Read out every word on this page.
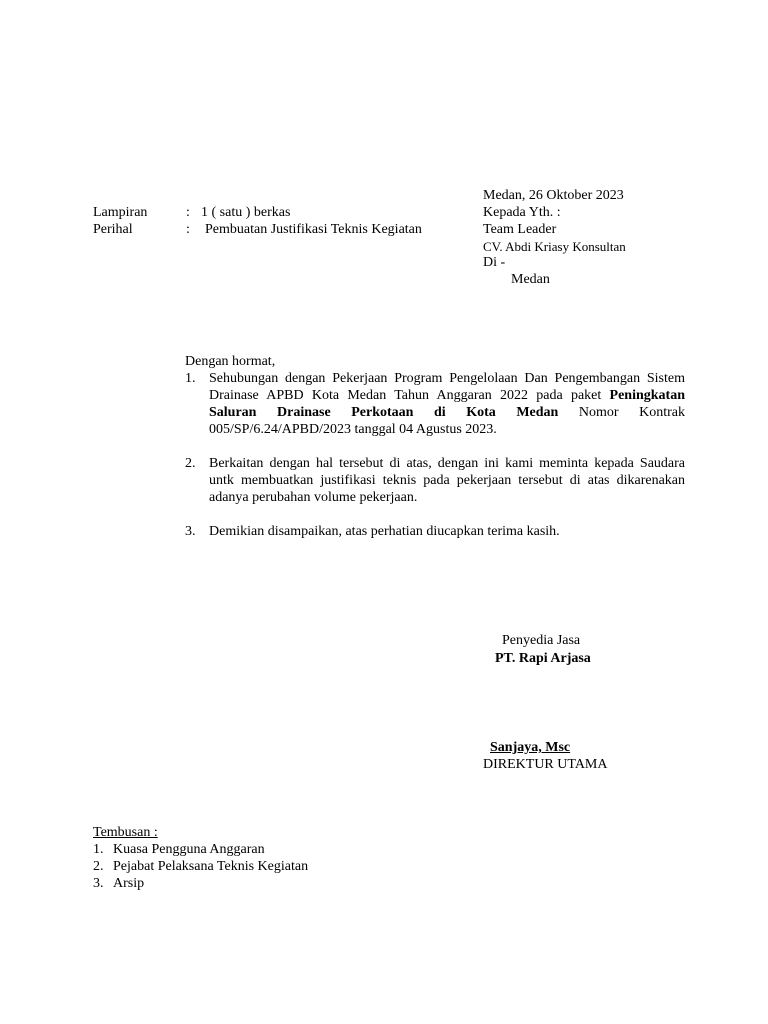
Medan, 26 Oktober 2023
Lampiran	: 1 ( satu ) berkas
Perihal	: Pembuatan Justifikasi Teknis Kegiatan
Kepada Yth. :
Team Leader
CV. Abdi Kriasy Konsultan
Di -
Medan
Dengan hormat,
1. Sehubungan dengan Pekerjaan Program Pengelolaan Dan Pengembangan Sistem Drainase APBD Kota Medan Tahun Anggaran 2022 pada paket Peningkatan Saluran Drainase Perkotaan di Kota Medan Nomor Kontrak 005/SP/6.24/APBD/2023 tanggal 04 Agustus 2023.
2. Berkaitan dengan hal tersebut di atas, dengan ini kami meminta kepada Saudara untk membuatkan justifikasi teknis pada pekerjaan tersebut di atas dikarenakan adanya perubahan volume pekerjaan.
3. Demikian disampaikan, atas perhatian diucapkan terima kasih.
Penyedia Jasa
PT. Rapi Arjasa
Sanjaya, Msc
DIREKTUR UTAMA
Tembusan :
1. Kuasa Pengguna Anggaran
2. Pejabat Pelaksana Teknis Kegiatan
3. Arsip
